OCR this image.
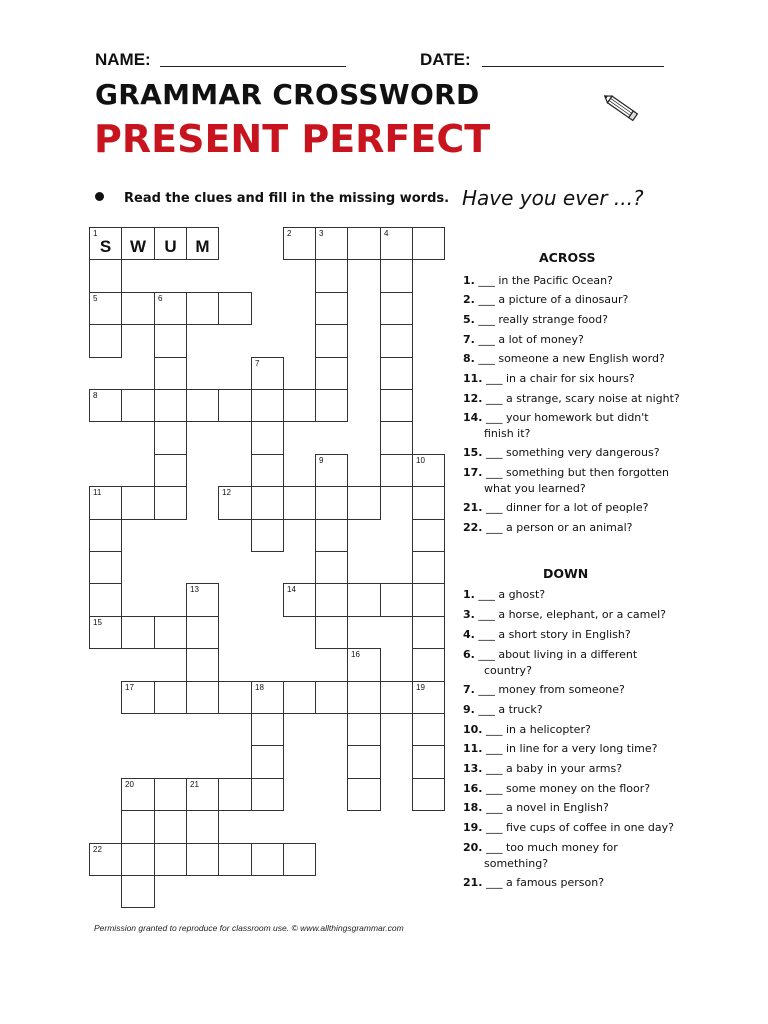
NAME:	DATE:
GRAMMAR CROSSWORD
PRESENT PERFECT
Read the clues and fill in the missing words. Have you ever ...?
1
S	W	U	M
2	3	4
5	6
8
11	12
14
15
17	18	19
20	21
22
7
9	10
13
16
ACROSS
1. ___ in the Pacific Ocean?
2. ___ a picture of a dinosaur?
5. ___ really strange food?
7. ___ a lot of money?
8. ___ someone a new English word?
11. ___ in a chair for six hours?
12. ___ a strange, scary noise at night?
14. ___ your homework but didn't
finish it?
15. ___ something very dangerous?
17. ___ something but then forgotten
what you learned?
21. ___ dinner for a lot of people?
22. ___ a person or an animal?
DOWN
1. ___ a ghost?
3. ___ a horse, elephant, or a camel?
4. ___ a short story in English?
6. ___ about living in a different
country?
7. ___ money from someone?
9. ___ a truck?
10. ___ in a helicopter?
11. ___ in line for a very long time?
13. ___ a baby in your arms?
16. ___ some money on the floor?
18. ___ a novel in English?
19. ___ five cups of coffee in one day?
20. ___ too much money for
something?
21. ___ a famous person?
Permission granted to reproduce for classroom use. © www.allthingsgrammar.com
